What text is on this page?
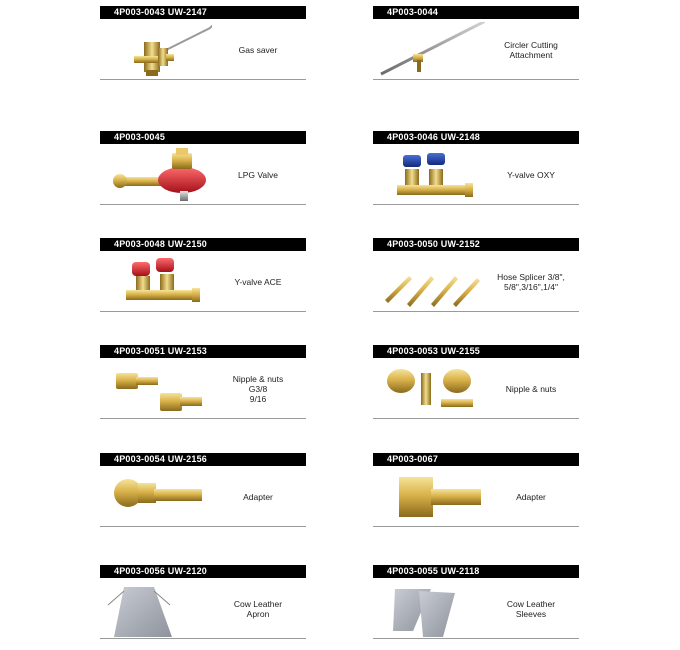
4P003-0043 UW-2147
Gas saver
4P003-0044
Circler Cutting Attachment
4P003-0045
LPG Valve
4P003-0046 UW-2148
Y-valve OXY
4P003-0048 UW-2150
Y-valve ACE
4P003-0050 UW-2152
Hose Splicer 3/8",
5/8",3/16",1/4"
4P003-0051 UW-2153
Nipple & nuts
G3/8
9/16
4P003-0053 UW-2155
Nipple & nuts
4P003-0054 UW-2156
Adapter
4P003-0067
Adapter
4P003-0056 UW-2120
Cow Leather
Apron
4P003-0055 UW-2118
Cow Leather
Sleeves
